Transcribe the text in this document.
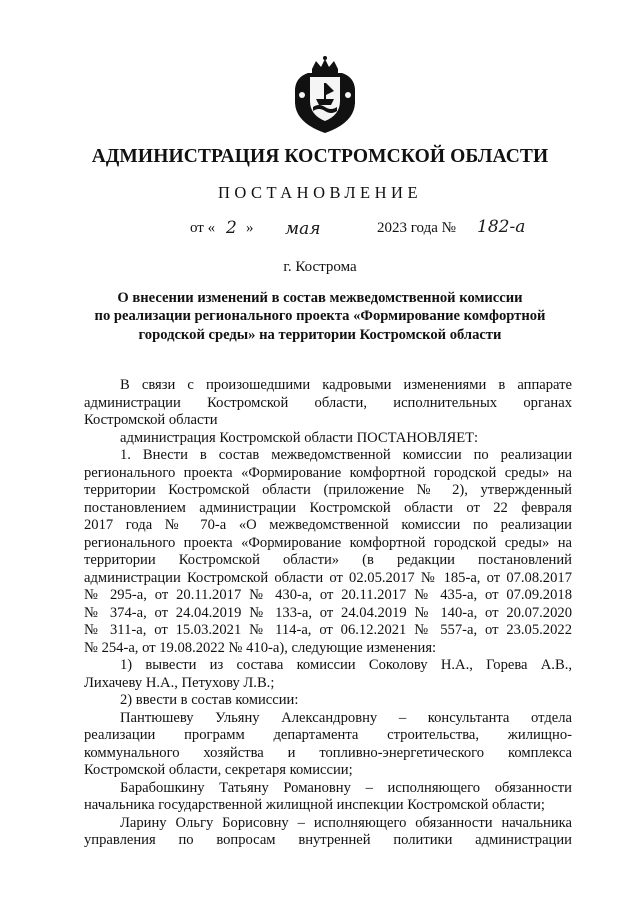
АДМИНИСТРАЦИЯ КОСТРОМСКОЙ ОБЛАСТИ
ПОСТАНОВЛЕНИЕ
от « 2 » мая	2023 года № 182-а
г. Кострома
О внесении изменений в состав межведомственной комиссии
по реализации регионального проекта «Формирование комфортной
городской среды» на территории Костромской области
В связи с произошедшими кадровыми изменениями в аппарате
администрации Костромской области, исполнительных органах
Костромской области
администрация Костромской области ПОСТАНОВЛЯЕТ:
1. Внести в состав межведомственной комиссии по реализации
регионального проекта «Формирование комфортной городской среды» на
территории Костромской области (приложение № 2), утвержденный
постановлением администрации Костромской области от 22 февраля
2017 года № 70-а «О межведомственной комиссии по реализации
регионального проекта «Формирование комфортной городской среды» на
территории Костромской области» (в редакции постановлений
администрации Костромской области от 02.05.2017 № 185-а, от 07.08.2017
№ 295-а, от 20.11.2017 № 430-а, от 20.11.2017 № 435-а, от 07.09.2018
№ 374-а, от 24.04.2019 № 133-а, от 24.04.2019 № 140-а, от 20.07.2020
№ 311-а, от 15.03.2021 № 114-а, от 06.12.2021 № 557-а, от 23.05.2022
№ 254-а, от 19.08.2022 № 410-а), следующие изменения:
1) вывести из состава комиссии Соколову Н.А., Горева А.В.,
Лихачеву Н.А., Петухову Л.В.;
2) ввести в состав комиссии:
Пантюшеву Ульяну Александровну – консультанта отдела
реализации программ департамента строительства, жилищно-
коммунального хозяйства и топливно-энергетического комплекса
Костромской области, секретаря комиссии;
Барабошкину Татьяну Романовну – исполняющего обязанности
начальника государственной жилищной инспекции Костромской области;
Ларину Ольгу Борисовну – исполняющего обязанности начальника
управления по вопросам внутренней политики администрации
